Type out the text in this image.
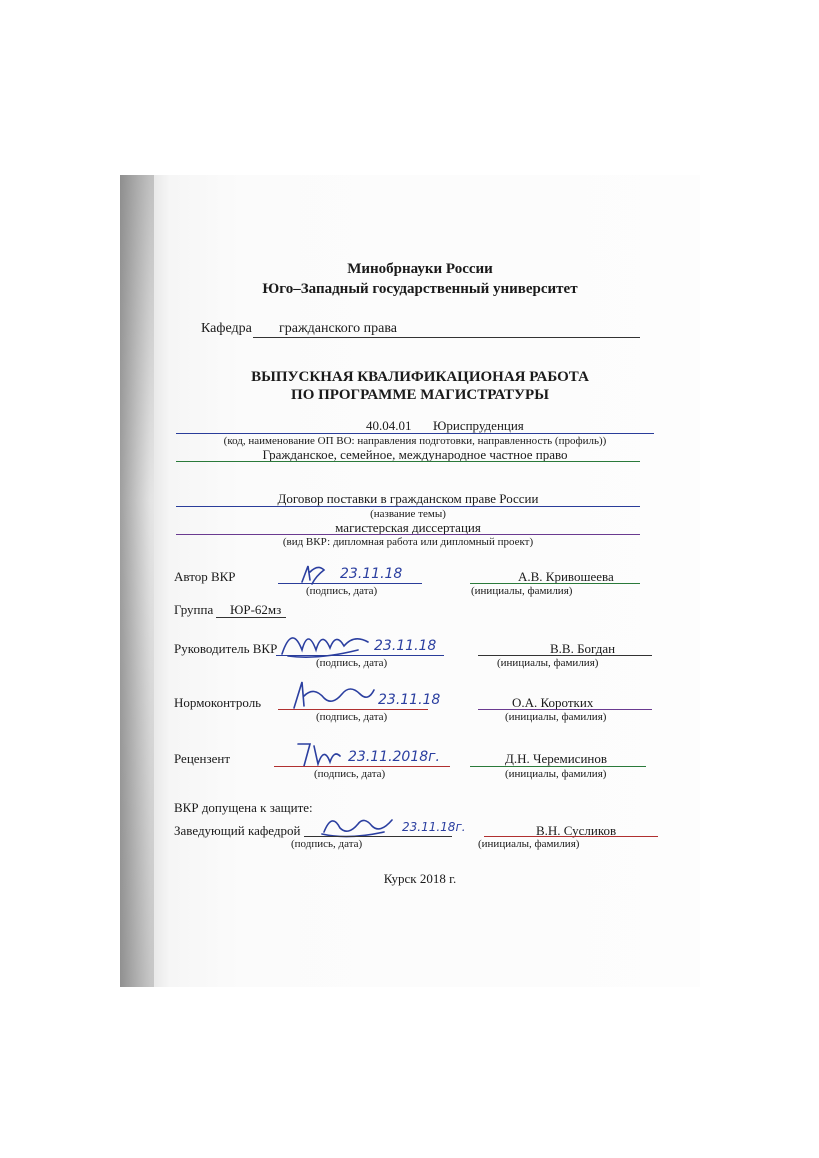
Минобрнауки России
Юго–Западный государственный университет
Кафедра гражданского права
ВЫПУСКНАЯ КВАЛИФИКАЦИОНАЯ РАБОТА
ПО ПРОГРАММЕ МАГИСТРАТУРЫ
40.04.01 Юриспруденция
(код, наименование ОП ВО: направления подготовки, направленность (профиль))
Гражданское, семейное, международное частное право
Договор поставки в гражданском праве России
(название темы)
магистерская диссертация
(вид ВКР: дипломная работа или дипломный проект)
Автор ВКР	23.11.18
(подпись, дата)
А.В. Кривошеева
(инициалы, фамилия)
Группа ЮР-62мз
Руководитель ВКР	23.11.18
(подпись, дата)
В.В. Богдан
(инициалы, фамилия)
Нормоконтроль	23.11.18
(подпись, дата)
О.А. Коротких
(инициалы, фамилия)
Рецензент	23.11.2018г.
(подпись, дата)
Д.Н. Черемисинов
(инициалы, фамилия)
ВКР допущена к защите:
Заведующий кафедрой	23.11.18г.
(подпись, дата)
В.Н. Сусликов
(инициалы, фамилия)
Курск 2018 г.
